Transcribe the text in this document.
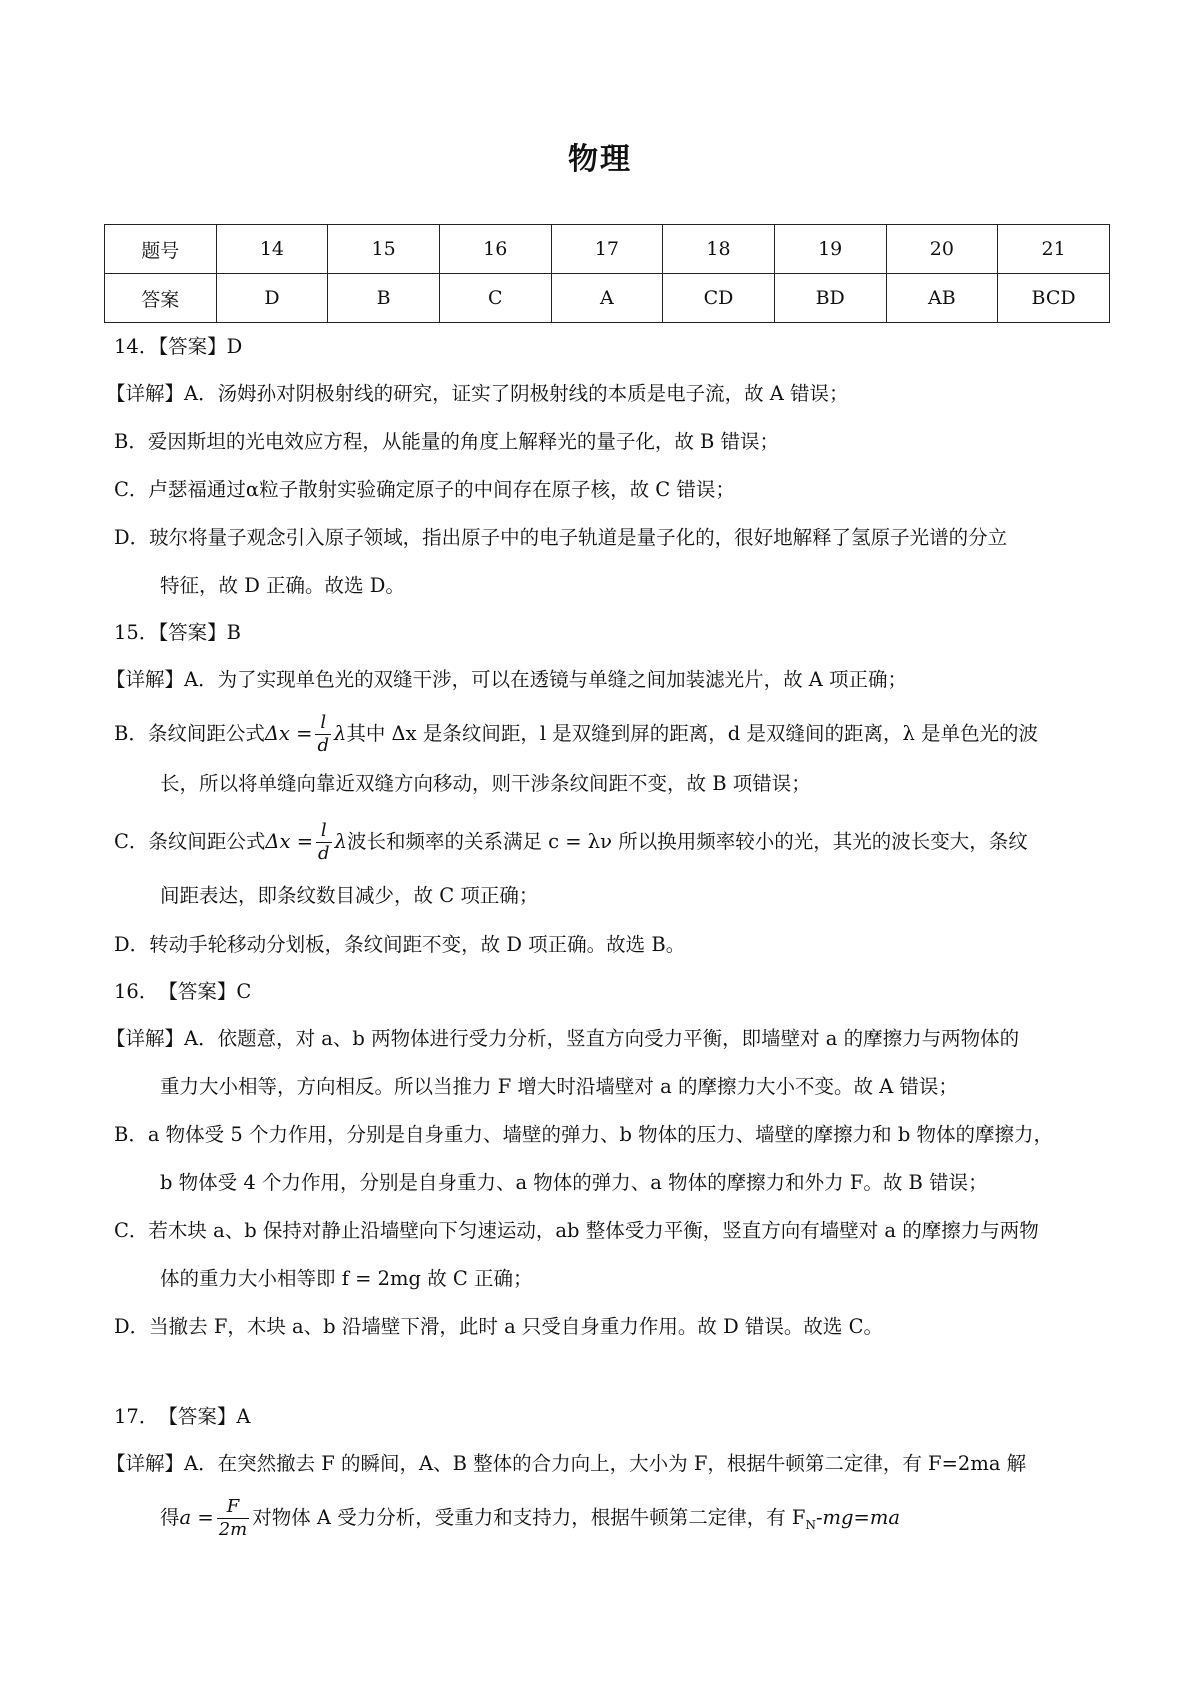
物理
题号	14	15	16	17	18	19	20	21
答案	D	B	C	A	CD	BD	AB	BCD
14．【答案】D
【详解】A．汤姆孙对阴极射线的研究，证实了阴极射线的本质是电子流，故 A 错误；
B．爱因斯坦的光电效应方程，从能量的角度上解释光的量子化，故 B 错误；
C．卢瑟福通过α粒子散射实验确定原子的中间存在原子核，故 C 错误；
D．玻尔将量子观念引入原子领域，指出原子中的电子轨道是量子化的，很好地解释了氢原子光谱的分立
特征，故 D 正确。故选 D。
15．【答案】B
【详解】A．为了实现单色光的双缝干涉，可以在透镜与单缝之间加装滤光片，故 A 项正确；
B．条纹间距公式$\Delta x = \frac{l}{d}$ λ其中 Δx 是条纹间距，l 是双缝到屏的距离，d 是双缝间的距离，λ 是单色光的波
长，所以将单缝向靠近双缝方向移动，则干涉条纹间距不变，故 B 项错误；
C．条纹间距公式$\Delta x = \frac{l}{d}$ λ波长和频率的关系满足 c = λν 所以换用频率较小的光，其光的波长变大，条纹
间距表达，即条纹数目减少，故 C 项正确；
D．转动手轮移动分划板，条纹间距不变，故 D 项正确。故选 B。
16．　【答案】C
【详解】A．依题意，对 a、b 两物体进行受力分析，竖直方向受力平衡，即墙壁对 a 的摩擦力与两物体的
重力大小相等，方向相反。所以当推力 F 增大时沿墙壁对 a 的摩擦力大小不变。故 A 错误；
B．a 物体受 5 个力作用，分别是自身重力、墙壁的弹力、b 物体的压力、墙壁的摩擦力和 b 物体的摩擦力，
b 物体受 4 个力作用，分别是自身重力、a 物体的弹力、a 物体的摩擦力和外力 F。故 B 错误；
C．若木块 a、b 保持对静止沿墙壁向下匀速运动，ab 整体受力平衡，竖直方向有墙壁对 a 的摩擦力与两物
体的重力大小相等即 f = 2mg 故 C 正确；
D．当撤去 F，木块 a、b 沿墙壁下滑，此时 a 只受自身重力作用。故 D 错误。故选 C。
17．　【答案】A
【详解】A．在突然撤去 F 的瞬间，A、B 整体的合力向上，大小为 F，根据牛顿第二定律，有 F=2ma 解
得$a = \frac{F}{2m}$ 对物体 A 受力分析，受重力和支持力，根据牛顿第二定律，有 $F_N-mg=ma$
